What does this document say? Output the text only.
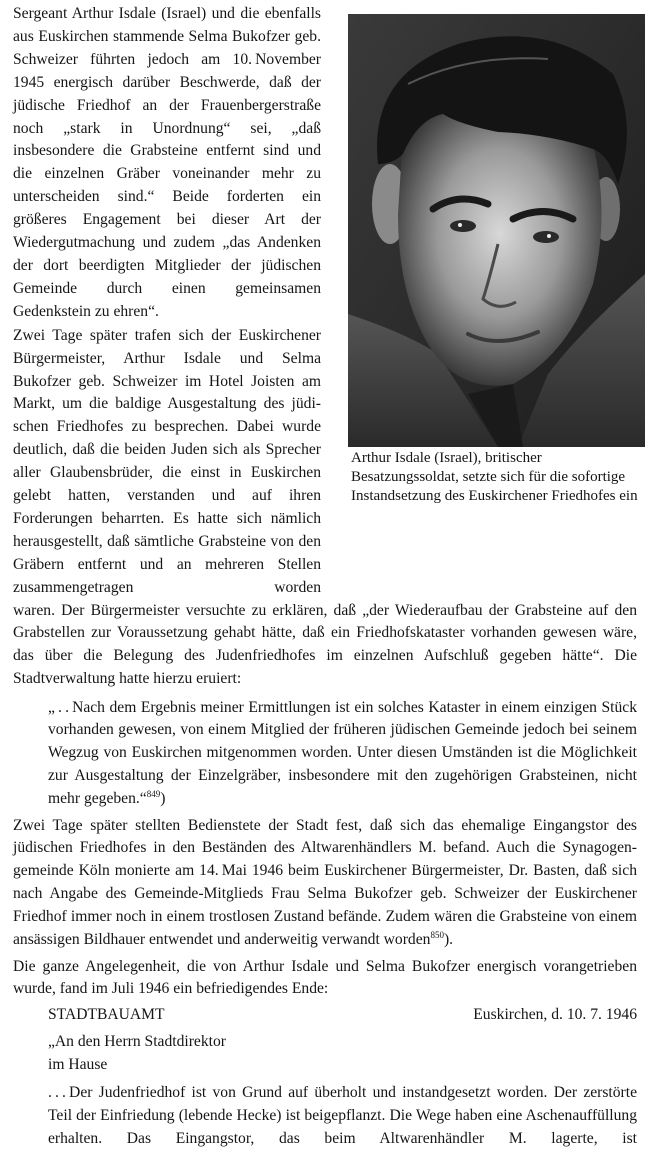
Sergeant Arthur Isdale (Israel) und die ebenfalls aus Euskirchen stammende Selma Bukofzer geb. Schweizer führten jedoch am 10. November 1945 energisch darüber Beschwerde, daß der jüdische Friedhof an der Frauenbergerstraße noch „stark in Unordnung“ sei, „daß insbesondere die Grabsteine entfernt sind und die einzelnen Gräber voneinander mehr zu unterscheiden sind.“ Beide forderten ein größeres Engagement bei dieser Art der Wiedergutmachung und zudem „das Andenken der dort beerdigten Mitglieder der jüdischen Gemeinde durch einen gemeinsamen Gedenkstein zu ehren“.

Zwei Tage später trafen sich der Euskirchener Bürgermeister, Arthur Isdale und Selma Bukofzer geb. Schweizer im Hotel Joisten am Markt, um die baldige Ausgestaltung des jüdischen Friedhofes zu besprechen. Dabei wurde deutlich, daß die beiden Juden sich als Sprecher aller Glaubensbrüder, die einst in Euskirchen gelebt hatten, verstanden und auf ihren Forderungen beharrten. Es hatte sich nämlich herausgestellt, daß sämtliche Grabsteine von den Gräbern entfernt und an mehreren Stellen zusammengetragen worden

Arthur Isdale (Israel), britischer Besatzungssoldat, setzte sich für die sofortige Instandsetzung des Euskirchener Friedhofes ein

waren. Der Bürgermeister versuchte zu erklären, daß „der Wiederaufbau der Grabsteine auf den Grabstellen zur Voraussetzung gehabt hätte, daß ein Friedhofskataster vorhanden gewesen wäre, das über die Belegung des Judenfriedhofes im einzelnen Aufschluß gegeben hätte“. Die Stadtverwaltung hatte hierzu eruiert:

„ . . Nach dem Ergebnis meiner Ermittlungen ist ein solches Kataster in einem einzigen Stück vorhanden gewesen, von einem Mitglied der früheren jüdischen Gemeinde jedoch bei seinem Wegzug von Euskirchen mitgenommen worden. Unter diesen Umständen ist die Möglichkeit zur Ausgestaltung der Einzelgräber, insbesondere mit den zugehörigen Grabsteinen, nicht mehr gegeben.“$^{849}$)

Zwei Tage später stellten Bedienstete der Stadt fest, daß sich das ehemalige Eingangstor des jüdischen Friedhofes in den Beständen des Altwarenhändlers M. befand. Auch die Synagogengemeinde Köln monierte am 14. Mai 1946 beim Euskirchener Bürgermeister, Dr. Basten, daß sich nach Angabe des Gemeinde-Mitglieds Frau Selma Bukofzer geb. Schweizer der Euskirchener Friedhof immer noch in einem trostlosen Zustand befände. Zudem wären die Grabsteine von einem ansässigen Bildhauer entwendet und anderweitig verwandt worden$^{850}$).

Die ganze Angelegenheit, die von Arthur Isdale und Selma Bukofzer energisch vorangetrieben wurde, fand im Juli 1946 ein befriedigendes Ende:

STADTBAUAMT	Euskirchen, d. 10. 7. 1946
„An den Herrn Stadtdirektor
im Hause

. . . Der Judenfriedhof ist von Grund auf überholt und instandgesetzt worden. Der zerstörte Teil der Einfriedung (lebende Hecke) ist beigepflanzt. Die Wege haben eine Aschenauffüllung erhalten. Das Eingangstor, das beim Altwarenhändler M. lagerte, ist
